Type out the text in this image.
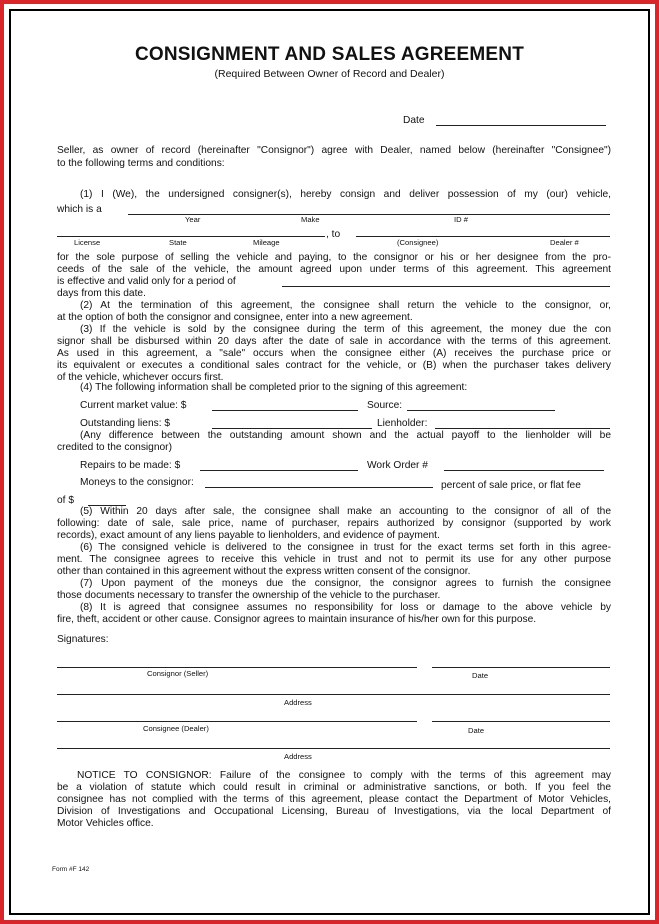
CONSIGNMENT AND SALES AGREEMENT
(Required Between Owner of Record and Dealer)
Date
Seller, as owner of record (hereinafter "Consignor") agree with Dealer, named below (hereinafter "Consignee")
to the following terms and conditions:
(1) I (We), the undersigned consigner(s), hereby consign and deliver possession of my (our) vehicle,
which is a
Year	Make	ID #
, to
License	State	Mileage	(Consignee)	Dealer #
for the sole purpose of selling the vehicle and paying, to the consignor or his or her designee from the pro-
ceeds of the sale of the vehicle, the amount agreed upon under terms of this agreement. This agreement
is effective and valid only for a period of
days from this date.
(2) At the termination of this agreement, the consignee shall return the vehicle to the consignor, or,
at the option of both the consignor and consignee, enter into a new agreement.
(3) If the vehicle is sold by the consignee during the term of this agreement, the money due the con
signor shall be disbursed within 20 days after the date of sale in accordance with the terms of this agreement.
As used in this agreement, a "sale" occurs when the consignee either (A) receives the purchase price or
its equivalent or executes a conditional sales contract for the vehicle, or (B) when the purchaser takes delivery
of the vehicle, whichever occurs first.
(4) The following information shall be completed prior to the signing of this agreement:
Current market value: $	Source:
Outstanding liens: $	Lienholder:
(Any difference between the outstanding amount shown and the actual payoff to the lienholder will be
credited to the consignor)
Repairs to be made: $	Work Order #
Moneys to the consignor:	percent of sale price, or flat fee
of $
(5) Within 20 days after sale, the consignee shall make an accounting to the consignor of all of the
following: date of sale, sale price, name of purchaser, repairs authorized by consignor (supported by work
records), exact amount of any liens payable to lienholders, and evidence of payment.
(6) The consigned vehicle is delivered to the consignee in trust for the exact terms set forth in this agree-
ment. The consignee agrees to receive this vehicle in trust and not to permit its use for any other purpose
other than contained in this agreement without the express written consent of the consignor.
(7) Upon payment of the moneys due the consignor, the consignor agrees to furnish the consignee
those documents necessary to transfer the ownership of the vehicle to the purchaser.
(8) It is agreed that consignee assumes no responsibility for loss or damage to the above vehicle by
fire, theft, accident or other cause. Consignor agrees to maintain insurance of his/her own for this purpose.
Signatures:
Consignor (Seller)	Date
Address
Consignee (Dealer)	Date
Address
NOTICE TO CONSIGNOR: Failure of the consignee to comply with the terms of this agreement may
be a violation of statute which could result in criminal or administrative sanctions, or both. If you feel the
consignee has not complied with the terms of this agreement, please contact the Department of Motor Vehicles,
Division of Investigations and Occupational Licensing, Bureau of Investigations, via the local Department of
Motor Vehicles office.
Form #F 142
